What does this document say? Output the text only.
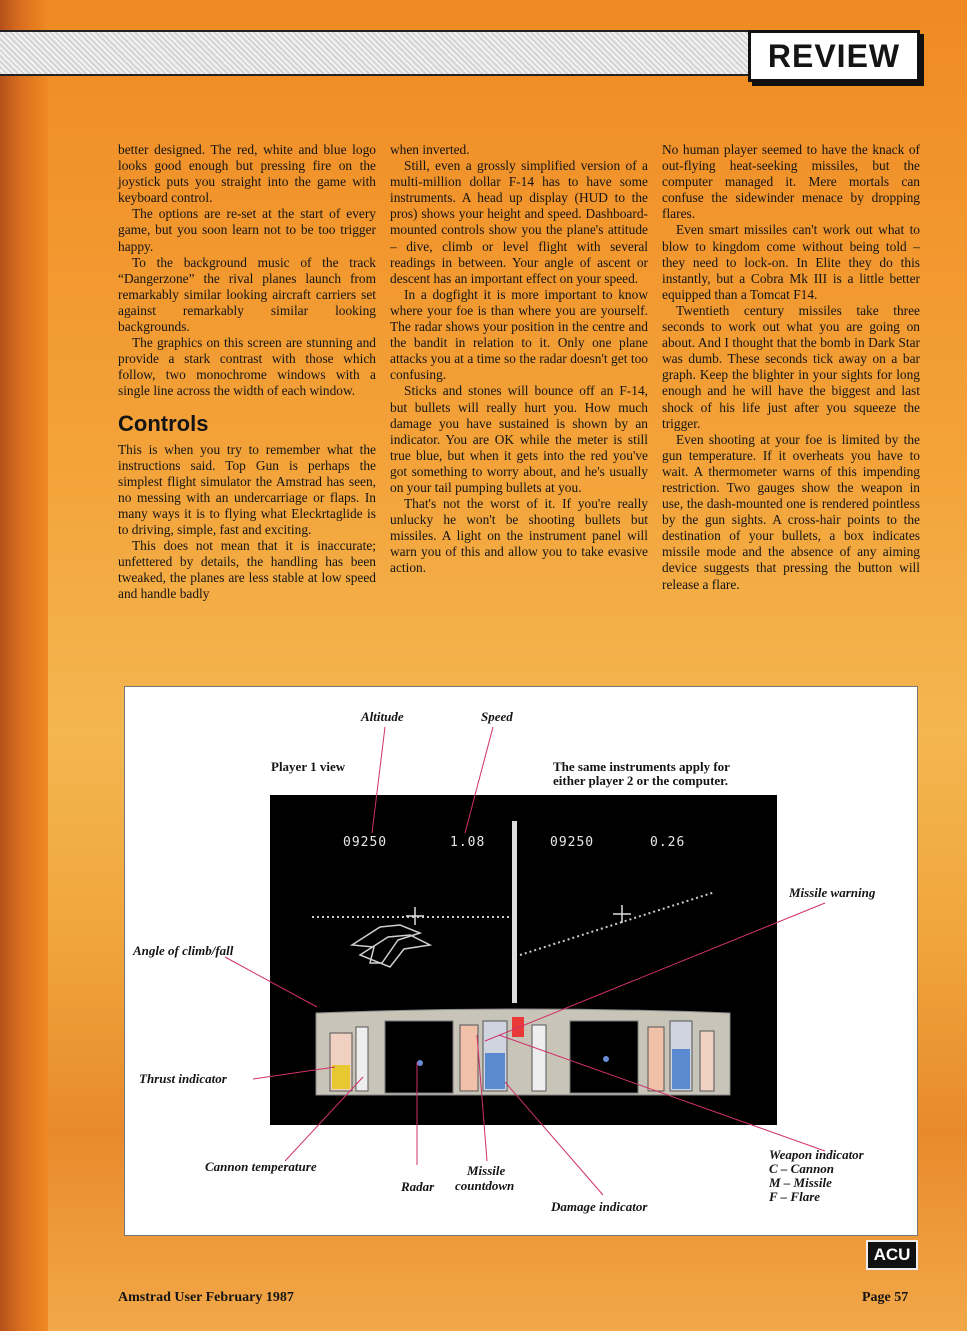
REVIEW

better designed. The red, white and blue logo looks good enough but pressing fire on the joystick puts you straight into the game with keyboard control.

The options are re-set at the start of every game, but you soon learn not to be too trigger happy.

To the background music of the track “Dangerzone” the rival planes launch from remarkably similar looking aircraft carriers set against remarkably similar looking backgrounds.

The graphics on this screen are stunning and provide a stark contrast with those which follow, two monochrome windows with a single line across the width of each window.

Controls

This is when you try to remember what the instructions said. Top Gun is perhaps the simplest flight simulator the Amstrad has seen, no messing with an undercarriage or flaps. In many ways it is to flying what Eleckrtaglide is to driving, simple, fast and exciting.

This does not mean that it is inaccurate; unfettered by details, the handling has been tweaked, the planes are less stable at low speed and handle badly

when inverted.

Still, even a grossly simplified version of a multi-million dollar F-14 has to have some instruments. A head up display (HUD to the pros) shows your height and speed. Dashboard-mounted controls show you the plane's attitude – dive, climb or level flight with several readings in between. Your angle of ascent or descent has an important effect on your speed.

In a dogfight it is more important to know where your foe is than where you are yourself. The radar shows your position in the centre and the bandit in relation to it. Only one plane attacks you at a time so the radar doesn't get too confusing.

Sticks and stones will bounce off an F-14, but bullets will really hurt you. How much damage you have sustained is shown by an indicator. You are OK while the meter is still true blue, but when it gets into the red you've got something to worry about, and he's usually on your tail pumping bullets at you.

That's not the worst of it. If you're really unlucky he won't be shooting bullets but missiles. A light on the instrument panel will warn you of this and allow you to take evasive action.

No human player seemed to have the knack of out-flying heat-seeking missiles, but the computer managed it. Mere mortals can confuse the sidewinder menace by dropping flares.

Even smart missiles can't work out what to blow to kingdom come without being told – they need to lock-on. In Elite they do this instantly, but a Cobra Mk III is a little better equipped than a Tomcat F14.

Twentieth century missiles take three seconds to work out what you are going on about. And I thought that the bomb in Dark Star was dumb. These seconds tick away on a bar graph. Keep the blighter in your sights for long enough and he will have the biggest and last shock of his life just after you squeeze the trigger.

Even shooting at your foe is limited by the gun temperature. If it overheats you have to wait. A thermometer warns of this impending restriction. Two gauges show the weapon in use, the dash-mounted one is rendered pointless by the gun sights. A cross-hair points to the destination of your bullets, a box indicates missile mode and the absence of any aiming device suggests that pressing the button will release a flare.

09250	1.08	09250	0.26
Altitude	Speed
Player 1 view	The same instruments apply for
either player 2 or the computer.
Missile warning
Angle of climb/fall
Thrust indicator
Cannon temperature
Radar
Missile
countdown
Damage indicator
Weapon indicator
C – Cannon
M – Missile
F – Flare
ACU
Amstrad User February 1987	Page 57
